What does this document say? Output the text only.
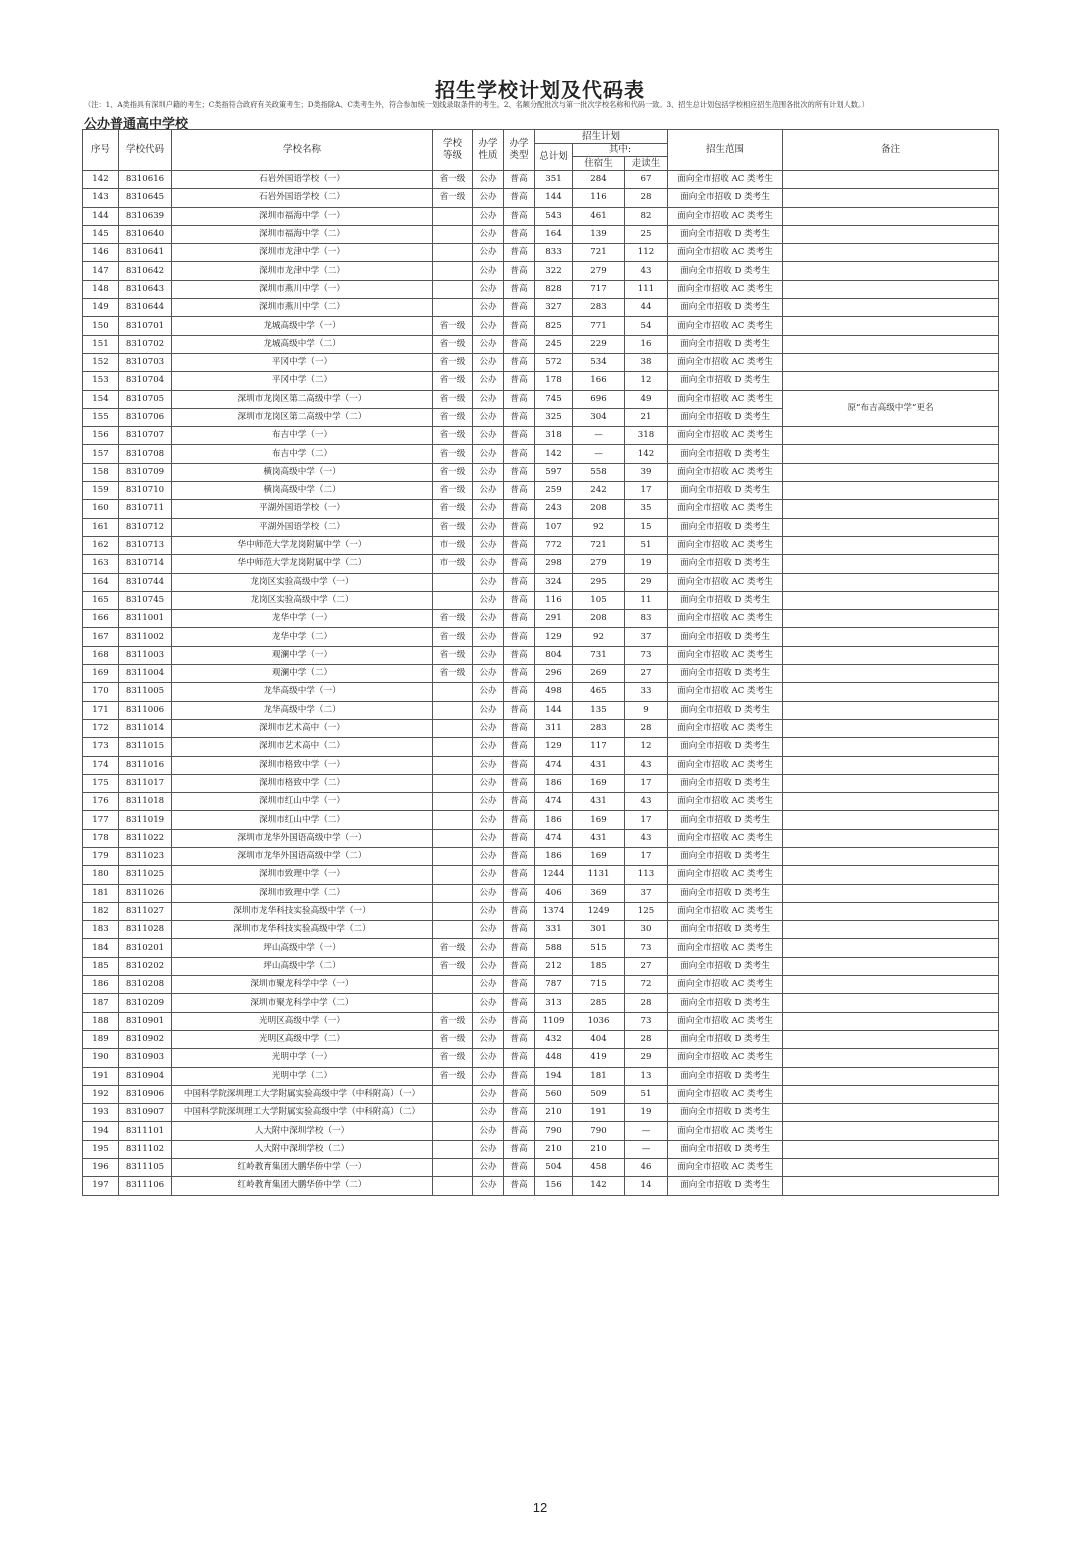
招生学校计划及代码表
（注：1、A类指具有深圳户籍的考生；C类指符合政府有关政策考生；D类指除A、C类考生外，符合参加统一划线录取条件的考生。2、名额分配批次与第一批次学校名称和代码一致。3、招生总计划包括学校相应招生范围各批次的所有计划人数。）
公办普通高中学校
序号	学校代码	学校名称	学校等级	办学性质	办学类型	招生计划			招生范围	备注
						总计划	其中:			
							住宿生	走读生		
142	8310616	石岩外国语学校（一）	省一级	公办	普高	351	284	67	面向全市招收 AC 类考生	
143	8310645	石岩外国语学校（二）	省一级	公办	普高	144	116	28	面向全市招收 D 类考生	
144	8310639	深圳市福海中学（一）		公办	普高	543	461	82	面向全市招收 AC 类考生	
145	8310640	深圳市福海中学（二）		公办	普高	164	139	25	面向全市招收 D 类考生	
146	8310641	深圳市龙津中学（一）		公办	普高	833	721	112	面向全市招收 AC 类考生	
147	8310642	深圳市龙津中学（二）		公办	普高	322	279	43	面向全市招收 D 类考生	
148	8310643	深圳市燕川中学（一）		公办	普高	828	717	111	面向全市招收 AC 类考生	
149	8310644	深圳市燕川中学（二）		公办	普高	327	283	44	面向全市招收 D 类考生	
150	8310701	龙城高级中学（一）	省一级	公办	普高	825	771	54	面向全市招收 AC 类考生	
151	8310702	龙城高级中学（二）	省一级	公办	普高	245	229	16	面向全市招收 D 类考生	
152	8310703	平冈中学（一）	省一级	公办	普高	572	534	38	面向全市招收 AC 类考生	
153	8310704	平冈中学（二）	省一级	公办	普高	178	166	12	面向全市招收 D 类考生	
154	8310705	深圳市龙岗区第二高级中学（一）	省一级	公办	普高	745	696	49	面向全市招收 AC 类考生	原“布吉高级中学”更名
155	8310706	深圳市龙岗区第二高级中学（二）	省一级	公办	普高	325	304	21	面向全市招收 D 类考生	
156	8310707	布吉中学（一）	省一级	公办	普高	318	—	318	面向全市招收 AC 类考生	
157	8310708	布吉中学（二）	省一级	公办	普高	142	—	142	面向全市招收 D 类考生	
158	8310709	横岗高级中学（一）	省一级	公办	普高	597	558	39	面向全市招收 AC 类考生	
159	8310710	横岗高级中学（二）	省一级	公办	普高	259	242	17	面向全市招收 D 类考生	
160	8310711	平湖外国语学校（一）	省一级	公办	普高	243	208	35	面向全市招收 AC 类考生	
161	8310712	平湖外国语学校（二）	省一级	公办	普高	107	92	15	面向全市招收 D 类考生	
162	8310713	华中师范大学龙岗附属中学（一）	市一级	公办	普高	772	721	51	面向全市招收 AC 类考生	
163	8310714	华中师范大学龙岗附属中学（二）	市一级	公办	普高	298	279	19	面向全市招收 D 类考生	
164	8310744	龙岗区实验高级中学（一）		公办	普高	324	295	29	面向全市招收 AC 类考生	
165	8310745	龙岗区实验高级中学（二）		公办	普高	116	105	11	面向全市招收 D 类考生	
166	8311001	龙华中学（一）	省一级	公办	普高	291	208	83	面向全市招收 AC 类考生	
167	8311002	龙华中学（二）	省一级	公办	普高	129	92	37	面向全市招收 D 类考生	
168	8311003	观澜中学（一）	省一级	公办	普高	804	731	73	面向全市招收 AC 类考生	
169	8311004	观澜中学（二）	省一级	公办	普高	296	269	27	面向全市招收 D 类考生	
170	8311005	龙华高级中学（一）		公办	普高	498	465	33	面向全市招收 AC 类考生	
171	8311006	龙华高级中学（二）		公办	普高	144	135	9	面向全市招收 D 类考生	
172	8311014	深圳市艺术高中（一）		公办	普高	311	283	28	面向全市招收 AC 类考生	
173	8311015	深圳市艺术高中（二）		公办	普高	129	117	12	面向全市招收 D 类考生	
174	8311016	深圳市格致中学（一）		公办	普高	474	431	43	面向全市招收 AC 类考生	
175	8311017	深圳市格致中学（二）		公办	普高	186	169	17	面向全市招收 D 类考生	
176	8311018	深圳市红山中学（一）		公办	普高	474	431	43	面向全市招收 AC 类考生	
177	8311019	深圳市红山中学（二）		公办	普高	186	169	17	面向全市招收 D 类考生	
178	8311022	深圳市龙华外国语高级中学（一）		公办	普高	474	431	43	面向全市招收 AC 类考生	
179	8311023	深圳市龙华外国语高级中学（二）		公办	普高	186	169	17	面向全市招收 D 类考生	
180	8311025	深圳市致理中学（一）		公办	普高	1244	1131	113	面向全市招收 AC 类考生	
181	8311026	深圳市致理中学（二）		公办	普高	406	369	37	面向全市招收 D 类考生	
182	8311027	深圳市龙华科技实验高级中学（一）		公办	普高	1374	1249	125	面向全市招收 AC 类考生	
183	8311028	深圳市龙华科技实验高级中学（二）		公办	普高	331	301	30	面向全市招收 D 类考生	
184	8310201	坪山高级中学（一）	省一级	公办	普高	588	515	73	面向全市招收 AC 类考生	
185	8310202	坪山高级中学（二）	省一级	公办	普高	212	185	27	面向全市招收 D 类考生	
186	8310208	深圳市聚龙科学中学（一）		公办	普高	787	715	72	面向全市招收 AC 类考生	
187	8310209	深圳市聚龙科学中学（二）		公办	普高	313	285	28	面向全市招收 D 类考生	
188	8310901	光明区高级中学（一）	省一级	公办	普高	1109	1036	73	面向全市招收 AC 类考生	
189	8310902	光明区高级中学（二）	省一级	公办	普高	432	404	28	面向全市招收 D 类考生	
190	8310903	光明中学（一）	省一级	公办	普高	448	419	29	面向全市招收 AC 类考生	
191	8310904	光明中学（二）	省一级	公办	普高	194	181	13	面向全市招收 D 类考生	
192	8310906	中国科学院深圳理工大学附属实验高级中学（中科附高）（一）		公办	普高	560	509	51	面向全市招收 AC 类考生	
193	8310907	中国科学院深圳理工大学附属实验高级中学（中科附高）（二）		公办	普高	210	191	19	面向全市招收 D 类考生	
194	8311101	人大附中深圳学校（一）		公办	普高	790	790	—	面向全市招收 AC 类考生	
195	8311102	人大附中深圳学校（二）		公办	普高	210	210	—	面向全市招收 D 类考生	
196	8311105	红岭教育集团大鹏华侨中学（一）		公办	普高	504	458	46	面向全市招收 AC 类考生	
197	8311106	红岭教育集团大鹏华侨中学（二）		公办	普高	156	142	14	面向全市招收 D 类考生	
12
